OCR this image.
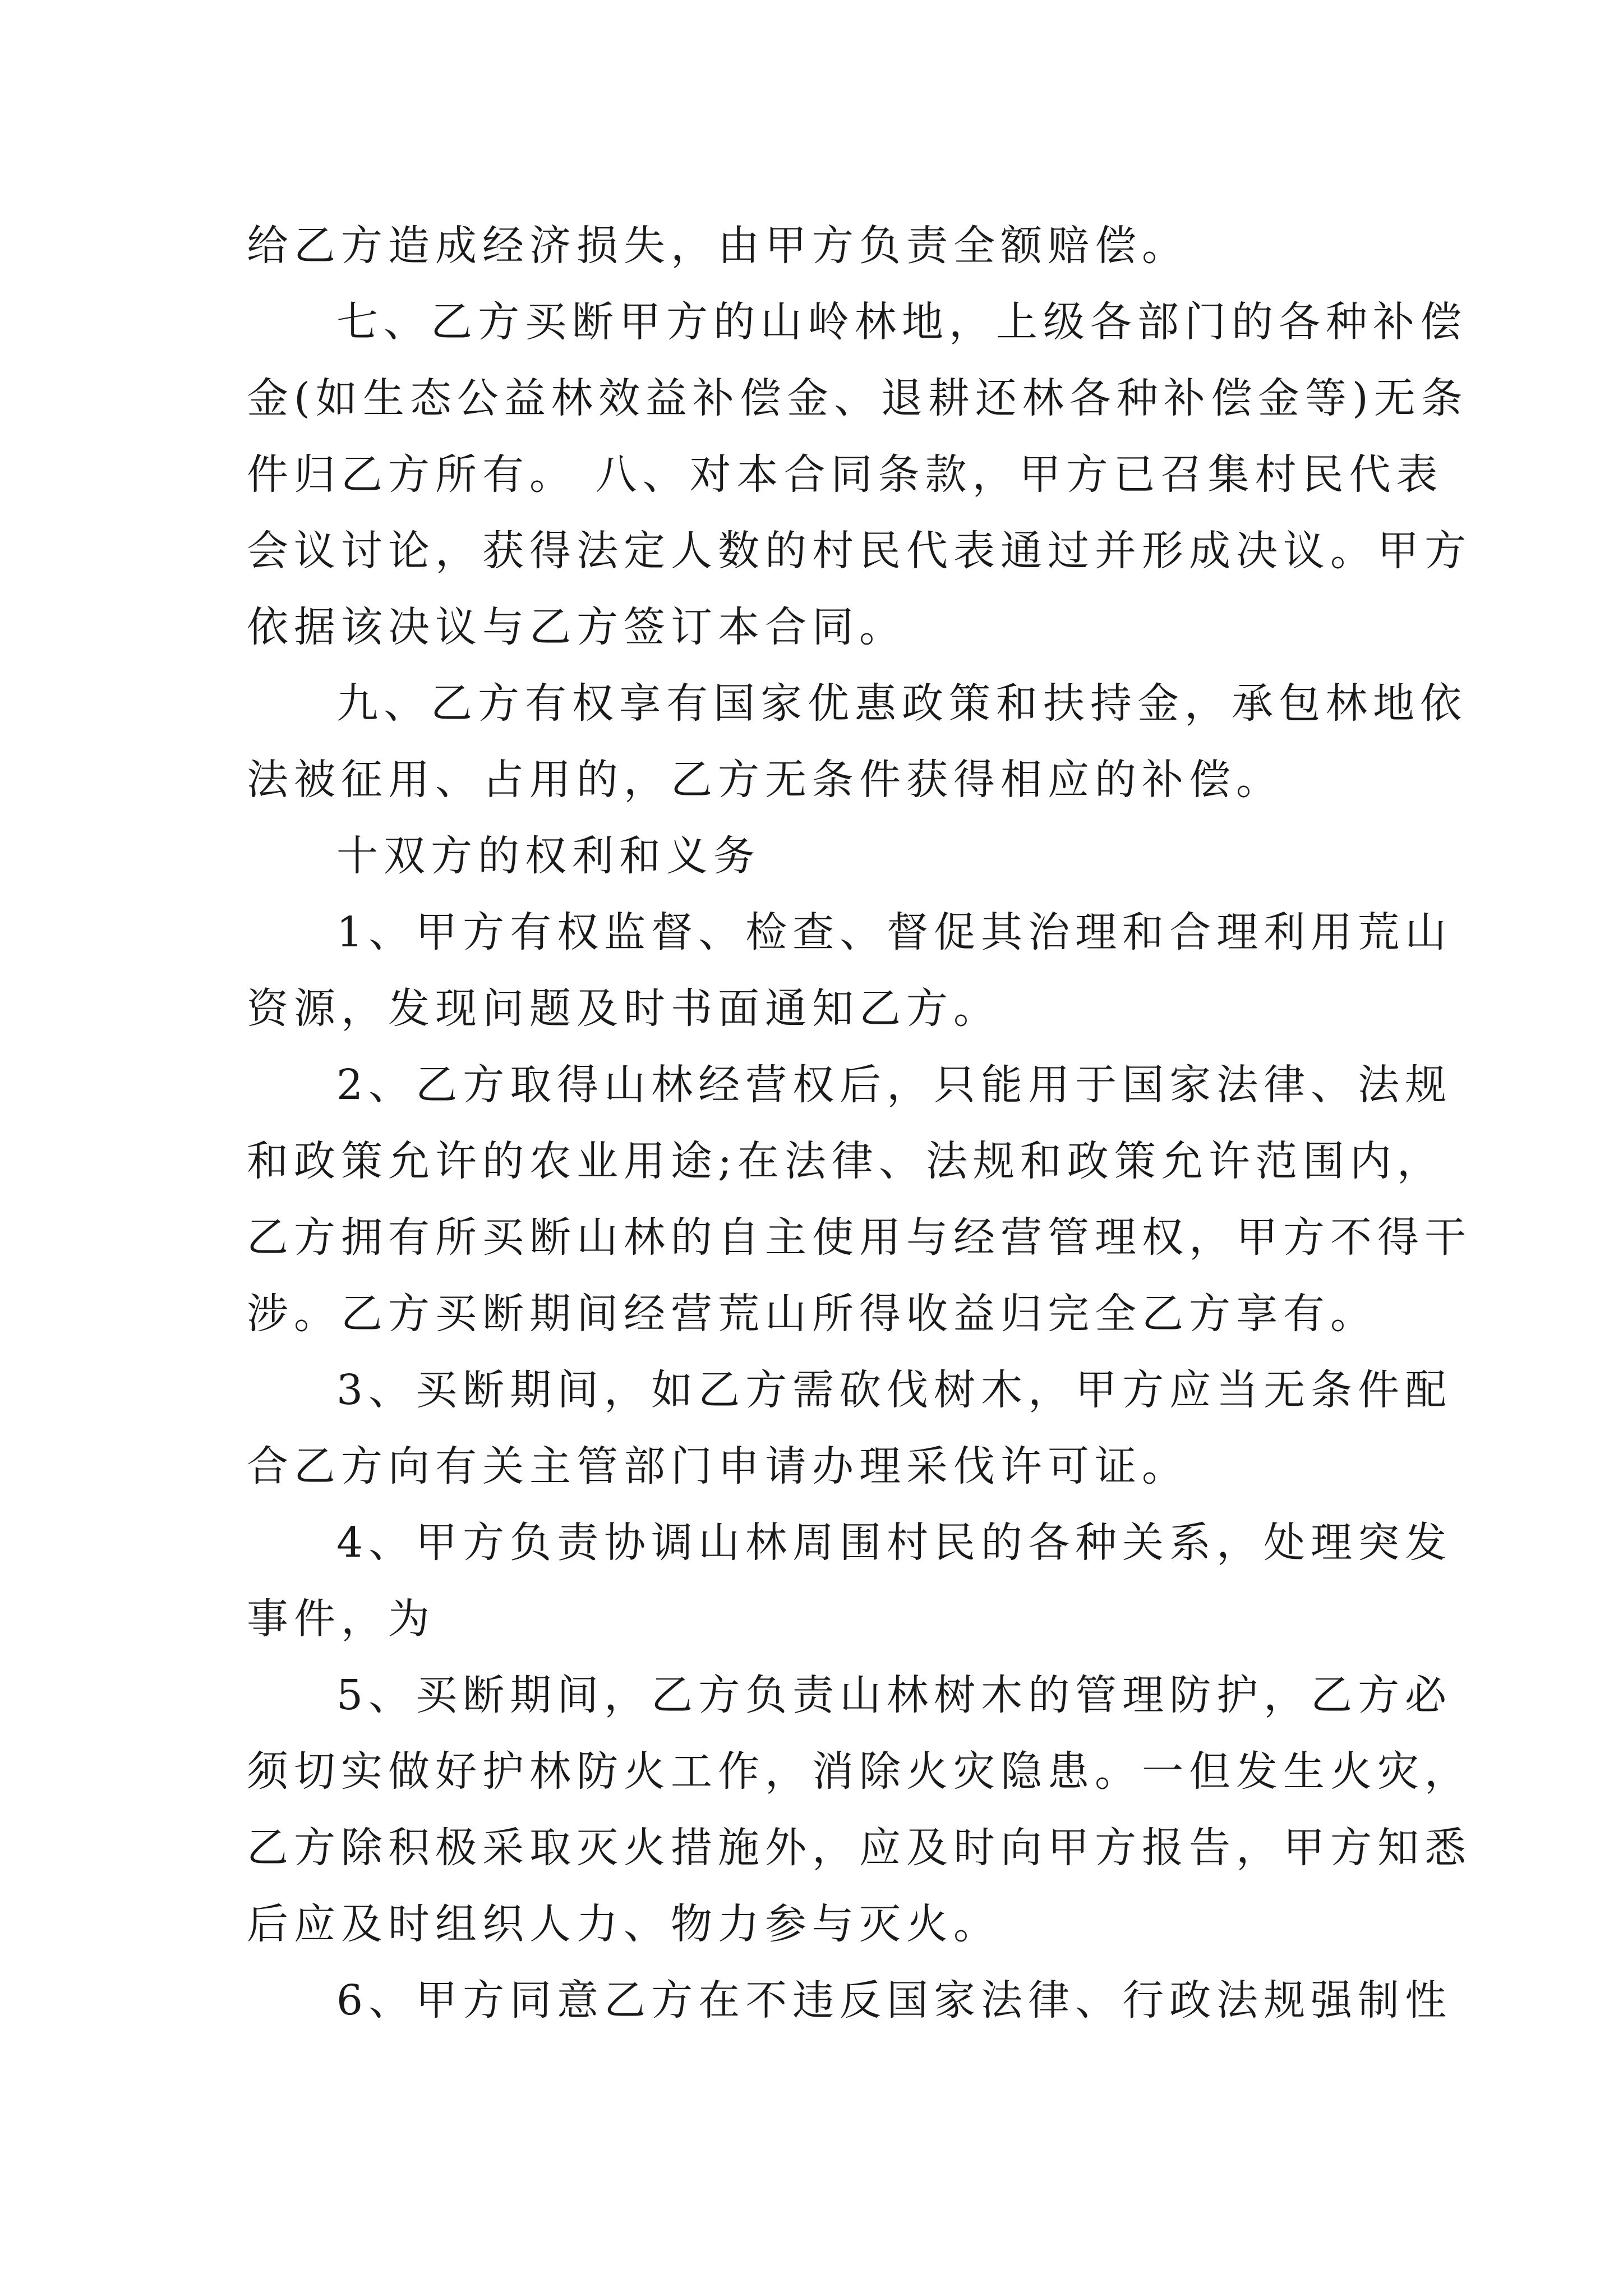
给乙方造成经济损失，由甲方负责全额赔偿。
七、乙方买断甲方的山岭林地，上级各部门的各种补偿
金(如生态公益林效益补偿金、退耕还林各种补偿金等)无条
件归乙方所有。 八、对本合同条款，甲方已召集村民代表
会议讨论，获得法定人数的村民代表通过并形成决议。甲方
依据该决议与乙方签订本合同。
九、乙方有权享有国家优惠政策和扶持金，承包林地依
法被征用、占用的，乙方无条件获得相应的补偿。
十双方的权利和义务
1、甲方有权监督、检查、督促其治理和合理利用荒山
资源，发现问题及时书面通知乙方。
2、乙方取得山林经营权后，只能用于国家法律、法规
和政策允许的农业用途;在法律、法规和政策允许范围内，
乙方拥有所买断山林的自主使用与经营管理权，甲方不得干
涉。乙方买断期间经营荒山所得收益归完全乙方享有。
3、买断期间，如乙方需砍伐树木，甲方应当无条件配
合乙方向有关主管部门申请办理采伐许可证。
4、甲方负责协调山林周围村民的各种关系，处理突发
事件，为
5、买断期间，乙方负责山林树木的管理防护，乙方必
须切实做好护林防火工作，消除火灾隐患。一但发生火灾，
乙方除积极采取灭火措施外，应及时向甲方报告，甲方知悉
后应及时组织人力、物力参与灭火。
6、甲方同意乙方在不违反国家法律、行政法规强制性
